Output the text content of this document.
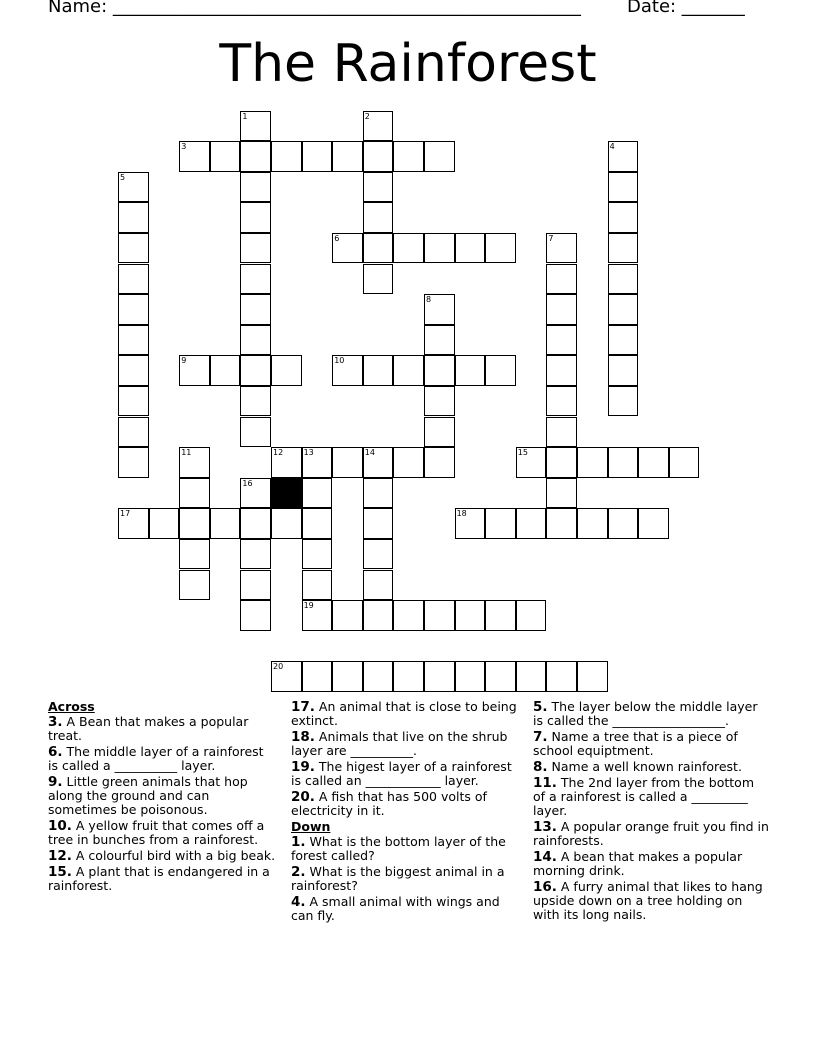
Name: ____________________________________________________	Date: _______
The Rainforest
1	2
3	4
5
6	7
8
9	10
11	12	13	14
19
15
16
17	18
20
Across

3. A Bean that makes a popular treat.

6. The middle layer of a rainforest is called a __________ layer.

9. Little green animals that hop along the ground and can sometimes be poisonous.

10. A yellow fruit that comes off a tree in bunches from a rainforest.

12. A colourful bird with a big beak.

15. A plant that is endangered in a rainforest.

17. An animal that is close to being extinct.

18. Animals that live on the shrub layer are __________.

19. The higest layer of a rainforest is called an ____________ layer.

20. A fish that has 500 volts of electricity in it.

Down

1. What is the bottom layer of the forest called?

2. What is the biggest animal in a rainforest?

4. A small animal with wings and can fly.

5. The layer below the middle layer is called the __________________.

7. Name a tree that is a piece of school equiptment.

8. Name a well known rainforest.

11. The 2nd layer from the bottom of a rainforest is called a _________ layer.

13. A popular orange fruit you find in rainforests.

14. A bean that makes a popular morning drink.

16. A furry animal that likes to hang upside down on a tree holding on with its long nails.
